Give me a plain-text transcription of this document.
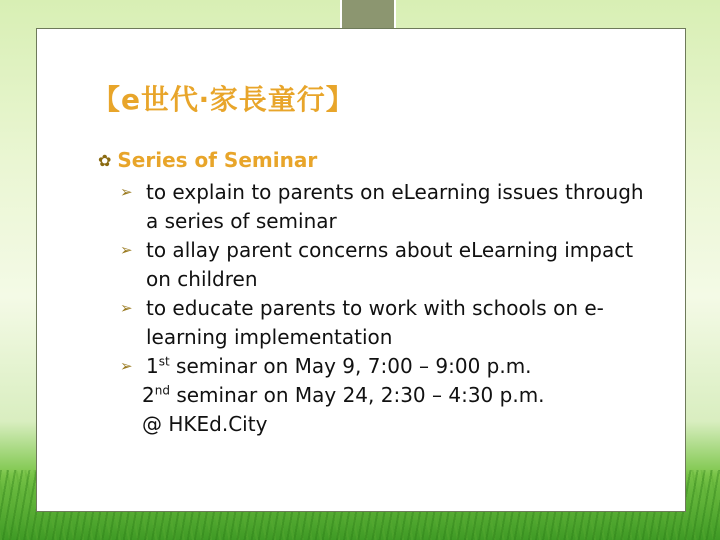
【e世代‧家長童行】
✿ Series of Seminar
➢ to explain to parents on eLearning issues through a series of seminar
➢ to allay parent concerns about eLearning impact on children
➢ to educate parents to work with schools on e-learning implementation
➢ 1st seminar on May 9, 7:00 – 9:00 p.m.
2nd seminar on May 24, 2:30 – 4:30 p.m.
@ HKEd.City
